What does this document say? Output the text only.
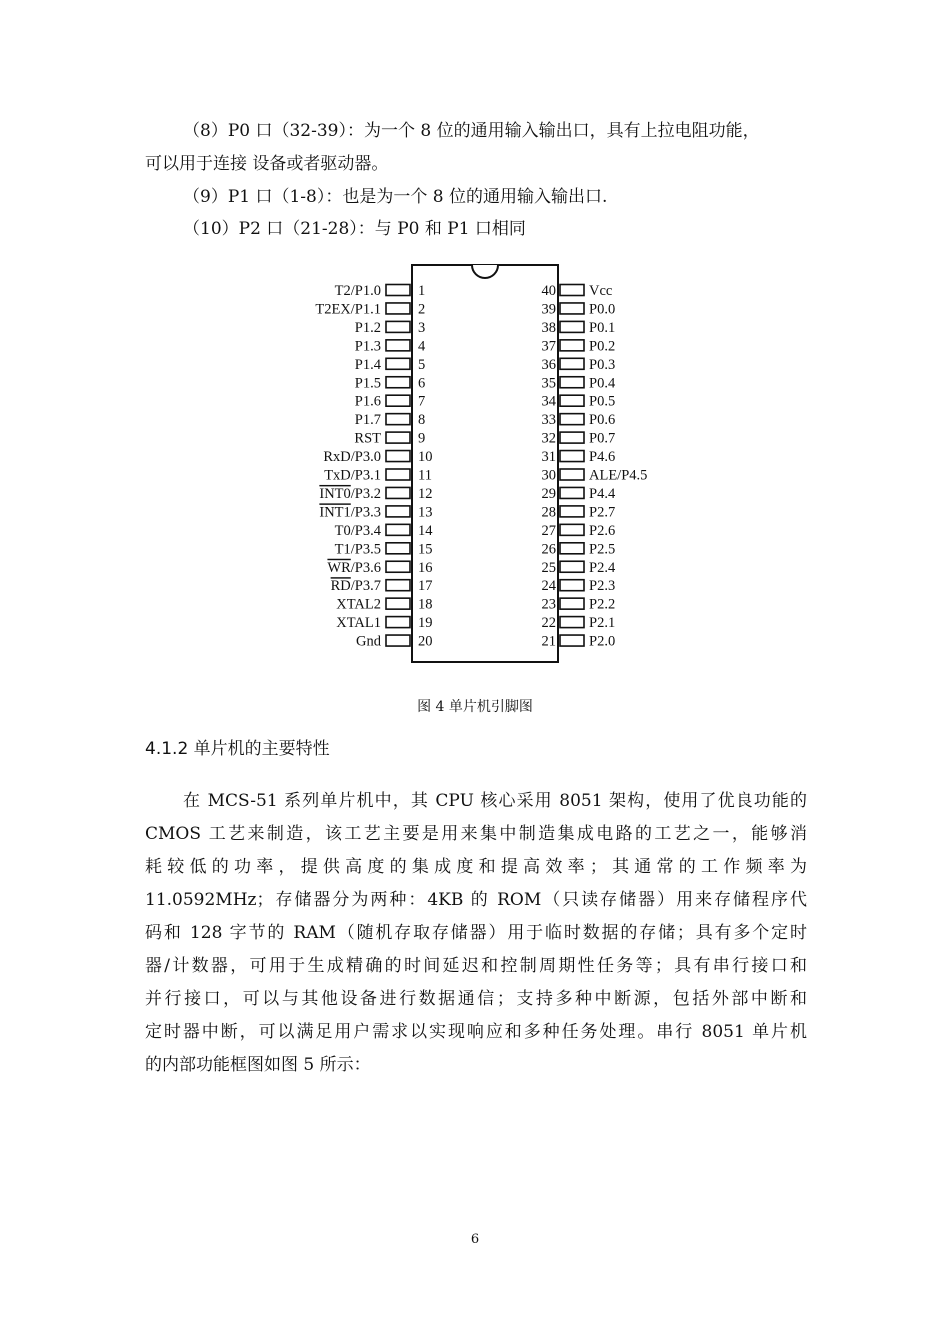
（8）P0 口（32-39）：为一个 8 位的通用输入输出口，具有上拉电阻功能，
可以用于连接 设备或者驱动器。
（9）P1 口（1-8）：也是为一个 8 位的通用输入输出口.
（10）P2 口（21-28）：与 P0 和 P1 口相同
1
T2/P1.0
2
T2EX/P1.1
3
P1.2
4
P1.3
5
P1.4
6
P1.5
7
P1.6
8
P1.7
9
RST
10
RxD/P3.0
11
TxD/P3.1
12
INT0/P3.2
13
INT1/P3.3
14
T0/P3.4
15
T1/P3.5
16
WR/P3.6
17
RD/P3.7
18
XTAL2
19
XTAL1
20
Gnd
40 Vcc
39 P0.0
38 P0.1
37 P0.2
36 P0.3
35 P0.4
34 P0.5
33 P0.6
32 P0.7
31 P4.6
30 ALE/P4.5
29 P4.4
28 P2.7
27 P2.6
26 P2.5
25 P2.4
24 P2.3
23 P2.2
22 P2.1
21 P2.0
图 4 单片机引脚图
4.1.2 单片机的主要特性
在 MCS-51 系列单片机中，其 CPU 核心采用 8051 架构，使用了优良功能的
CMOS 工艺来制造，该工艺主要是用来集中制造集成电路的工艺之一，能够消
耗较低的功率，提供高度的集成度和提高效率；其通常的工作频率为
11.0592MHz；存储器分为两种：4KB 的 ROM（只读存储器）用来存储程序代
码和 128 字节的 RAM（随机存取存储器）用于临时数据的存储；具有多个定时
器/计数器，可用于生成精确的时间延迟和控制周期性任务等；具有串行接口和
并行接口，可以与其他设备进行数据通信；支持多种中断源，包括外部中断和
定时器中断，可以满足用户需求以实现响应和多种任务处理。串行 8051 单片机
的内部功能框图如图 5 所示：
6
